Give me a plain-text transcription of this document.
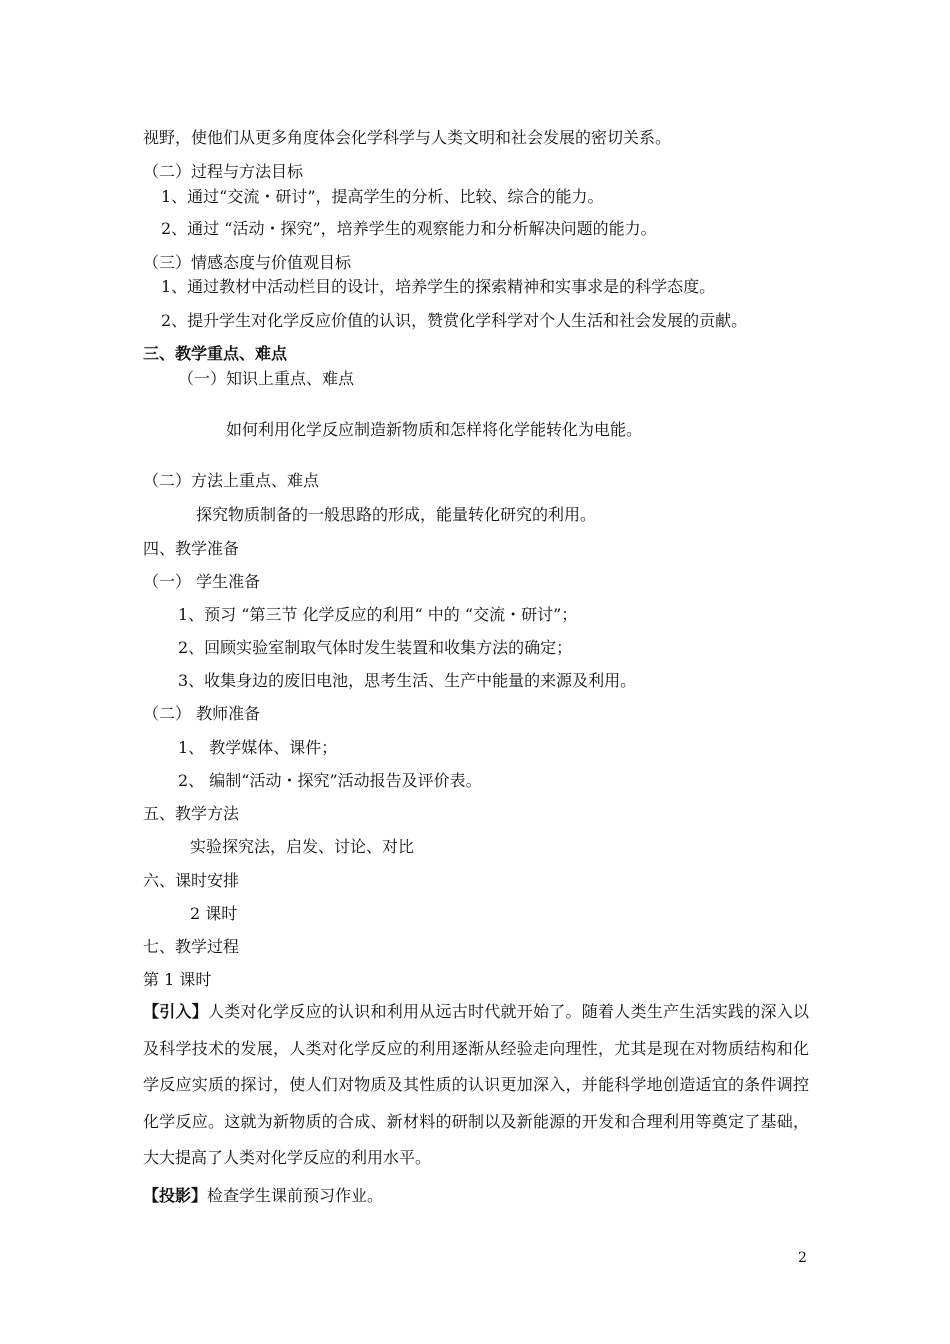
视野，使他们从更多角度体会化学科学与人类文明和社会发展的密切关系。
（二）过程与方法目标
1、通过“交流・研讨”，提高学生的分析、比较、综合的能力。
2、通过 “活动・探究”，培养学生的观察能力和分析解决问题的能力。
（三）情感态度与价值观目标
1、通过教材中活动栏目的设计，培养学生的探索精神和实事求是的科学态度。
2、提升学生对化学反应价值的认识，赞赏化学科学对个人生活和社会发展的贡献。
三、教学重点、难点
（一）知识上重点、难点
如何利用化学反应制造新物质和怎样将化学能转化为电能。
（二）方法上重点、难点
探究物质制备的一般思路的形成，能量转化研究的利用。
四、教学准备
（一） 学生准备
1、预习 “第三节 化学反应的利用“ 中的 “交流・研讨”；
2、回顾实验室制取气体时发生装置和收集方法的确定；
3、收集身边的废旧电池，思考生活、生产中能量的来源及利用。
（二） 教师准备
1、 教学媒体、课件；
2、 编制“活动・探究”活动报告及评价表。
五、教学方法
实验探究法，启发、讨论、对比
六、课时安排
2 课时
七、教学过程
第 1 课时
【引入】人类对化学反应的认识和利用从远古时代就开始了。随着人类生产生活实践的深入以及科学技术的发展，人类对化学反应的利用逐渐从经验走向理性，尤其是现在对物质结构和化学反应实质的探讨，使人们对物质及其性质的认识更加深入，并能科学地创造适宜的条件调控化学反应。这就为新物质的合成、新材料的研制以及新能源的开发和合理利用等奠定了基础，大大提高了人类对化学反应的利用水平。
【投影】检查学生课前预习作业。
2
